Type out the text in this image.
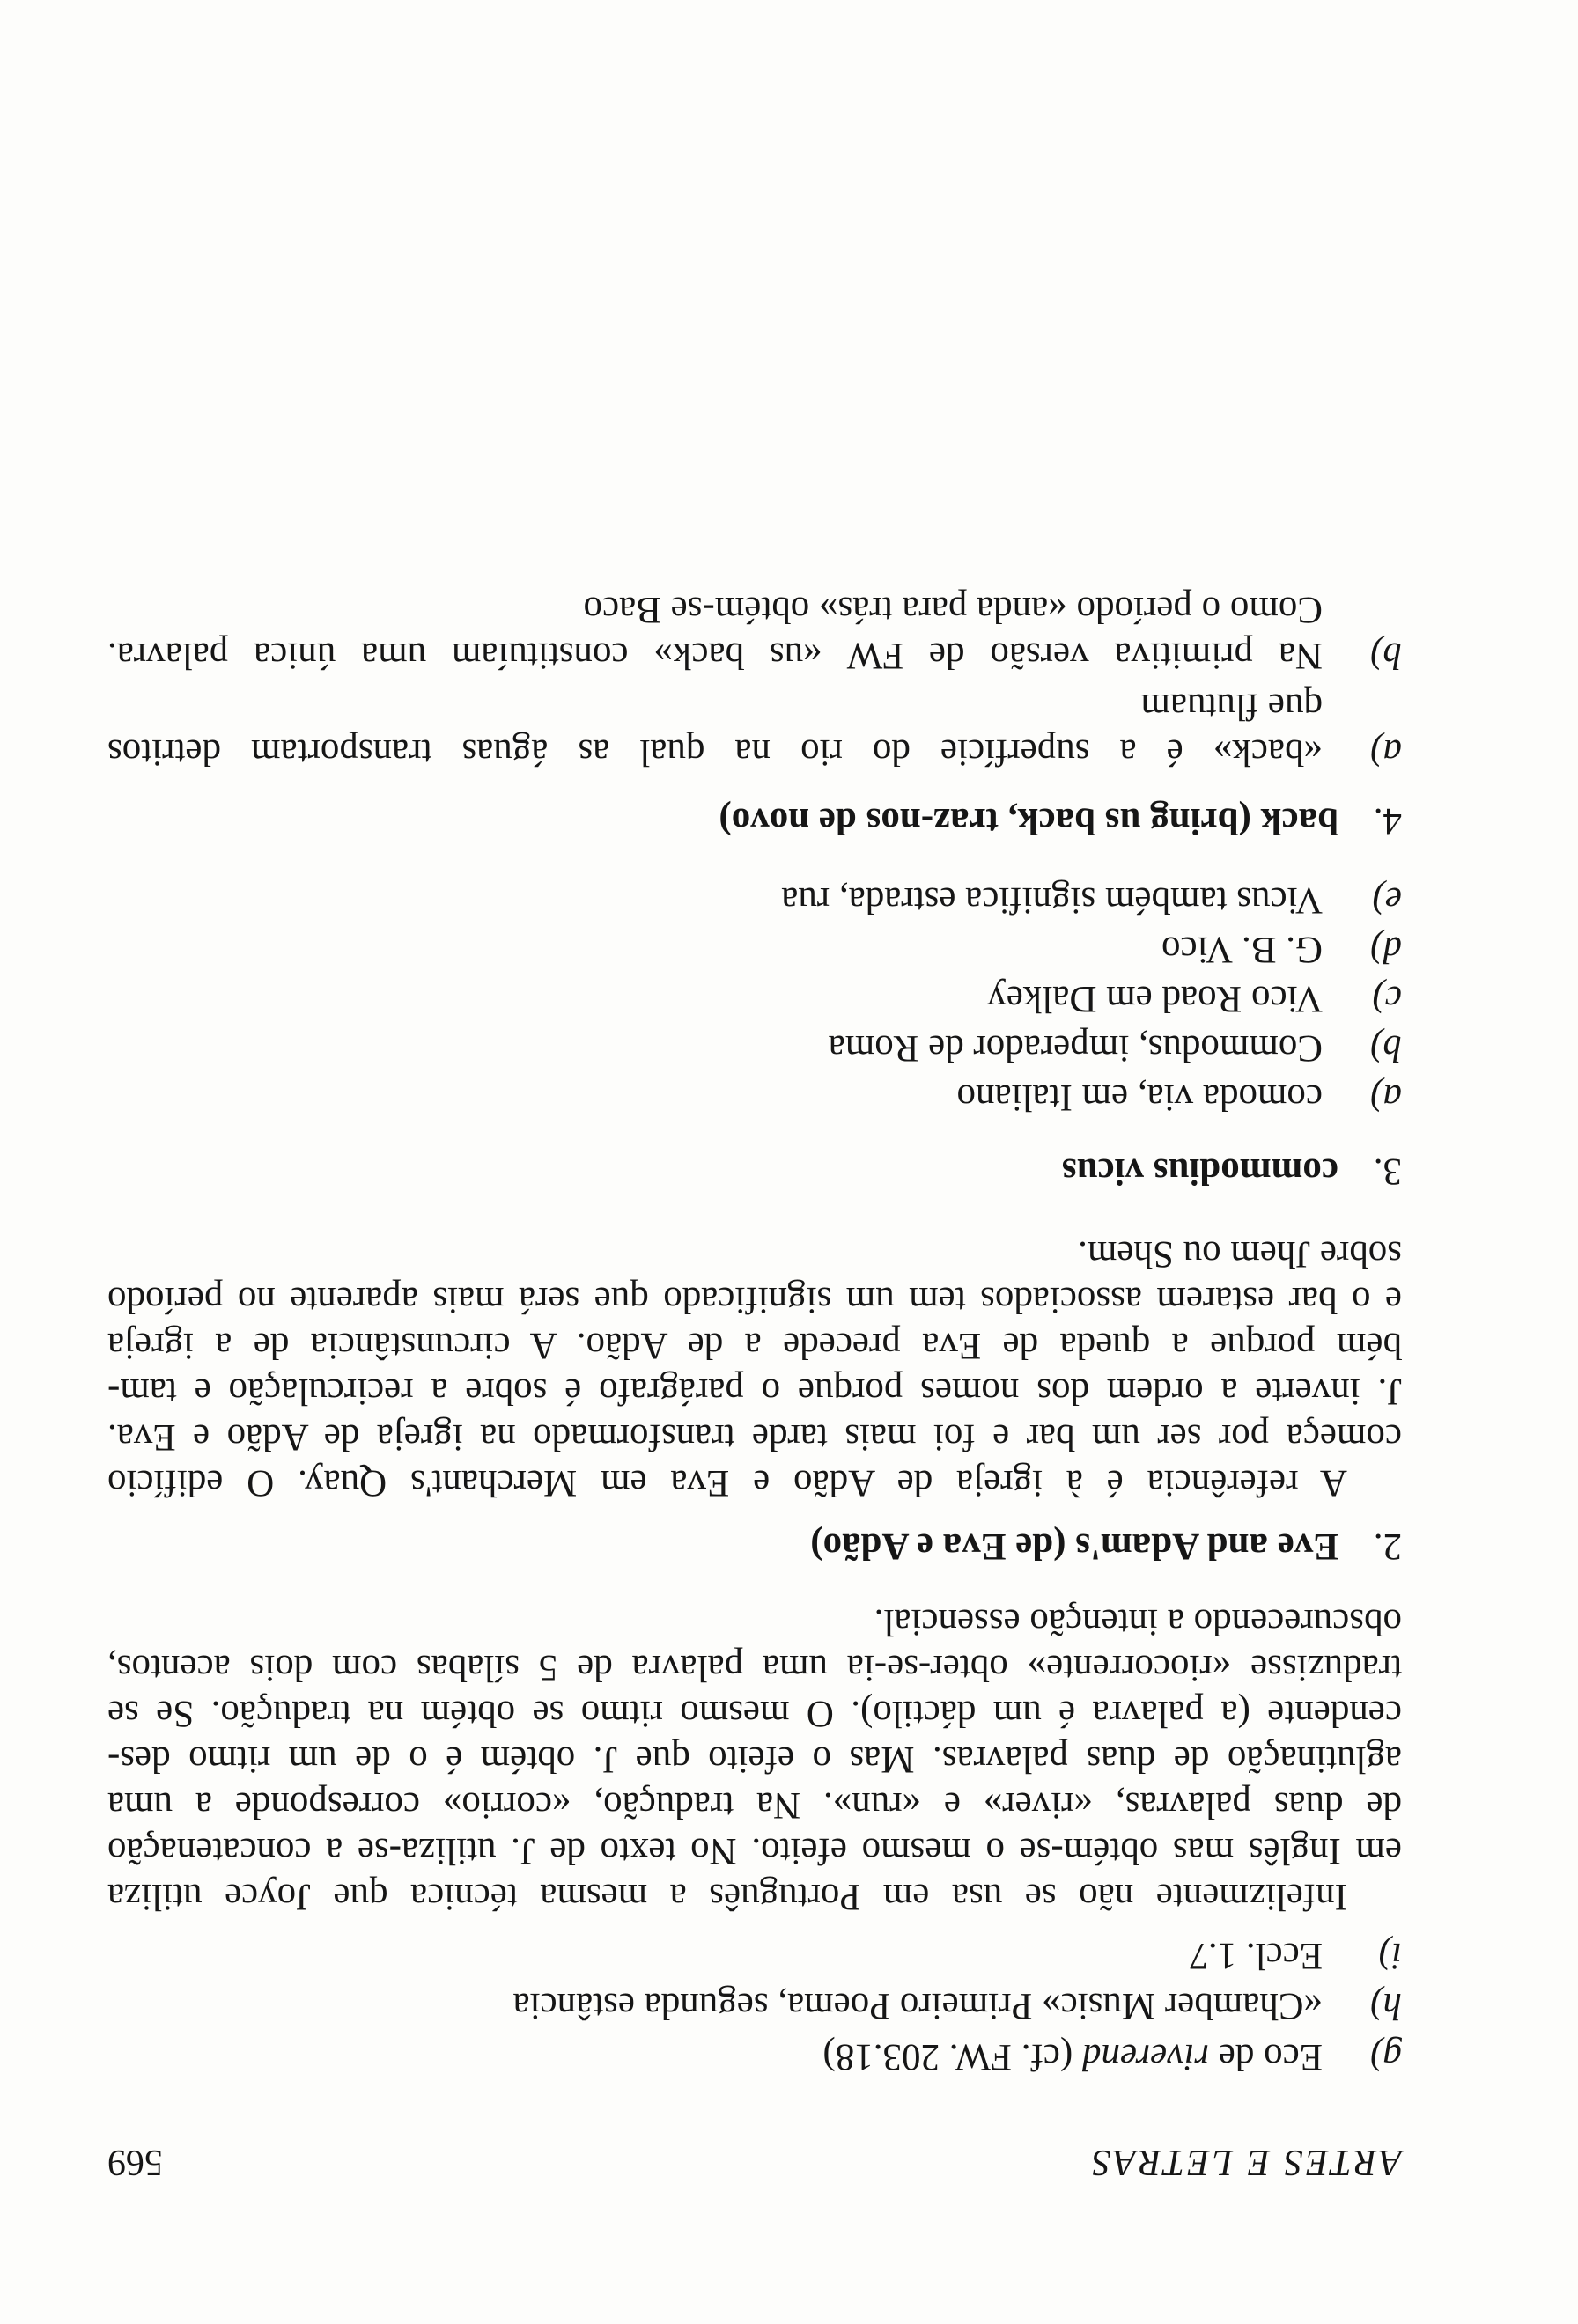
ARTES E LETRAS
569
g)Eco de riverend (cf. FW. 203.18)
h)«Chamber Music» Primeiro Poema, segunda estância
i)Eccl. 1.7
Infelizmente não se usa em Português a mesma técnica que Joyce utiliza
em Inglês mas obtém-se o mesmo efeito. No texto de J. utiliza-se a concatenação
de duas palavras, «river» e «run». Na tradução, «corrio» corresponde a uma
aglutinação de duas palavras. Mas o efeito que J. obtém é o de um ritmo des-
cendente (a palavra é um dáctilo). O mesmo ritmo se obtém na tradução. Se se
traduzisse «riocorrente» obter-se-ia uma palavra de 5 sílabas com dois acentos,
obscurecendo a intenção essencial.
2.Eve and Adam's (de Eva e Adão)
A referência é à igreja de Adão e Eva em Merchant's Quay. O edifício
começa por ser um bar e foi mais tarde transformado na igreja de Adão e Eva.
J. inverte a ordem dos nomes porque o parágrafo é sobre a recirculação e tam-
bém porque a queda de Eva precede a de Adão. A circunstância de a igreja
e o bar estarem associados tem um significado que será mais aparente no período
sobre Jhem ou Shem.
3.commodius vicus
a)comoda via, em Italiano
b)Commodus, imperador de Roma
c)Vico Road em Dalkey
d)G. B. Vico
e)Vicus também significa estrada, rua
4.back (bring us back, traz-nos de novo)
a)«back» é a superfície do rio na qual as águas transportam detritos
que flutuam
b)Na primitiva versão de FW «us back» constituíam uma única palavra.
Como o período «anda para trás» obtém-se Baco
